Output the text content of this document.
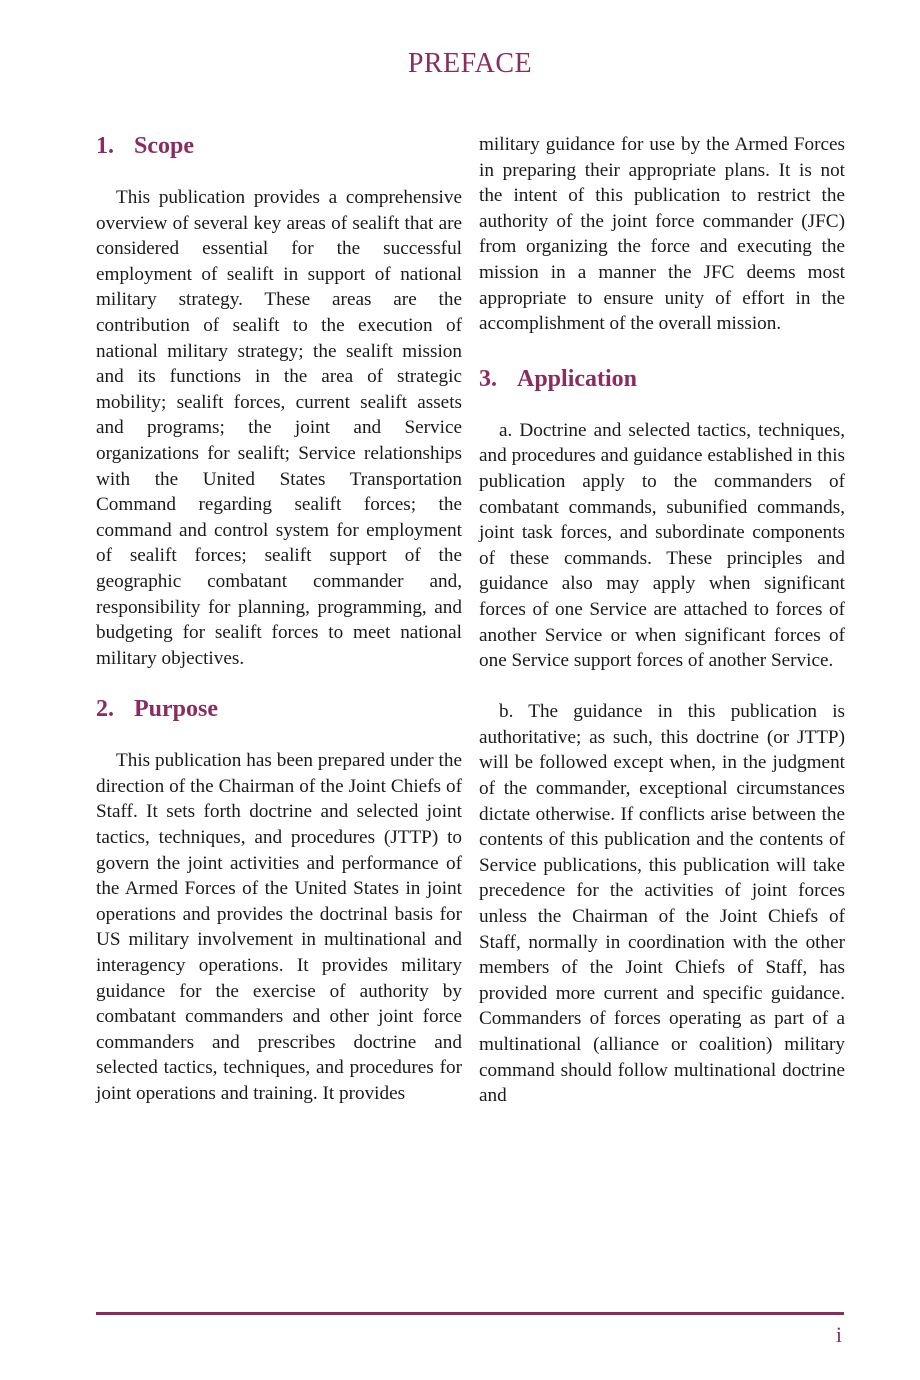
PREFACE
1. Scope

This publication provides a comprehensive overview of several key areas of sealift that are considered essential for the successful employment of sealift in support of national military strategy. These areas are the contribution of sealift to the execution of national military strategy; the sealift mission and its functions in the area of strategic mobility; sealift forces, current sealift assets and programs; the joint and Service organizations for sealift; Service relationships with the United States Transportation Command regarding sealift forces; the command and control system for employment of sealift forces; sealift support of the geographic combatant commander and, responsibility for planning, programming, and budgeting for sealift forces to meet national military objectives.

2. Purpose

This publication has been prepared under the direction of the Chairman of the Joint Chiefs of Staff. It sets forth doctrine and selected joint tactics, techniques, and procedures (JTTP) to govern the joint activities and performance of the Armed Forces of the United States in joint operations and provides the doctrinal basis for US military involvement in multinational and interagency operations. It provides military guidance for the exercise of authority by combatant commanders and other joint force commanders and prescribes doctrine and selected tactics, techniques, and procedures for joint operations and training. It provides

military guidance for use by the Armed Forces in preparing their appropriate plans. It is not the intent of this publication to restrict the authority of the joint force commander (JFC) from organizing the force and executing the mission in a manner the JFC deems most appropriate to ensure unity of effort in the accomplishment of the overall mission.

3. Application

a. Doctrine and selected tactics, techniques, and procedures and guidance established in this publication apply to the commanders of combatant commands, subunified commands, joint task forces, and subordinate components of these commands. These principles and guidance also may apply when significant forces of one Service are attached to forces of another Service or when significant forces of one Service support forces of another Service.

b. The guidance in this publication is authoritative; as such, this doctrine (or JTTP) will be followed except when, in the judgment of the commander, exceptional circumstances dictate otherwise. If conflicts arise between the contents of this publication and the contents of Service publications, this publication will take precedence for the activities of joint forces unless the Chairman of the Joint Chiefs of Staff, normally in coordination with the other members of the Joint Chiefs of Staff, has provided more current and specific guidance. Commanders of forces operating as part of a multinational (alliance or coalition) military command should follow multinational doctrine and

i
